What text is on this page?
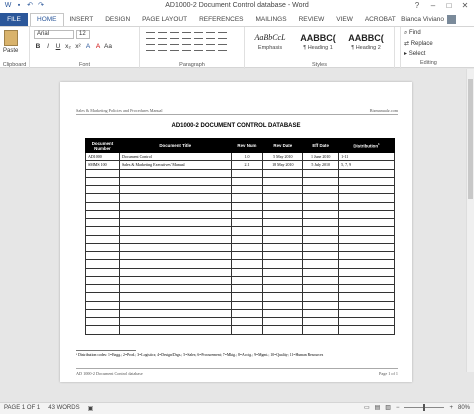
W ▪ ↶ ↷	AD1000-2 Document Control database - Word	?	–	□	✕
FILE	HOME	INSERT	DESIGN	PAGE LAYOUT	REFERENCES	MAILINGS	REVIEW	VIEW	ACROBAT Bianca Viviano
Paste
Clipboard
Arial	12
B	I	U x₂ x² A A Aa
Font	Paragraph
AaBbCcL
Emphasis
AABBC(
¶ Heading 1
AABBC(
¶ Heading 2
Styles
⌕ Find
⇄ Replace
▸ Select
Editing
Sales & Marketing Policies and Procedures Manual	Bizmanualz.com
AD1000-2 DOCUMENT CONTROL DATABASE
Document Number	Document Title	Rev Num	Rev Date	Eff Date	Distribution$^1$
AD1000	Document Control	1.0	5 May 2010	1 June 2010	1-11
SMMS 100	Sales & Marketing Executives' Manual	2.1	18 May 2010	5 July 2010	5, 7, 9

¹ Distribution codes: 1=Engg.; 2=Prod.; 3=Logistics; 4=Design/Drgs.; 5=Sales; 6=Procurement; 7=Mktg.; 8=Acctg.; 9=Mgmt.; 10=Quality; 11=Human Resources
AD 1000-2 Document Control database	Page 1 of 1
PAGE 1 OF 1 43 WORDS ▣	▭ ▤ ▥ −	+ 80%
